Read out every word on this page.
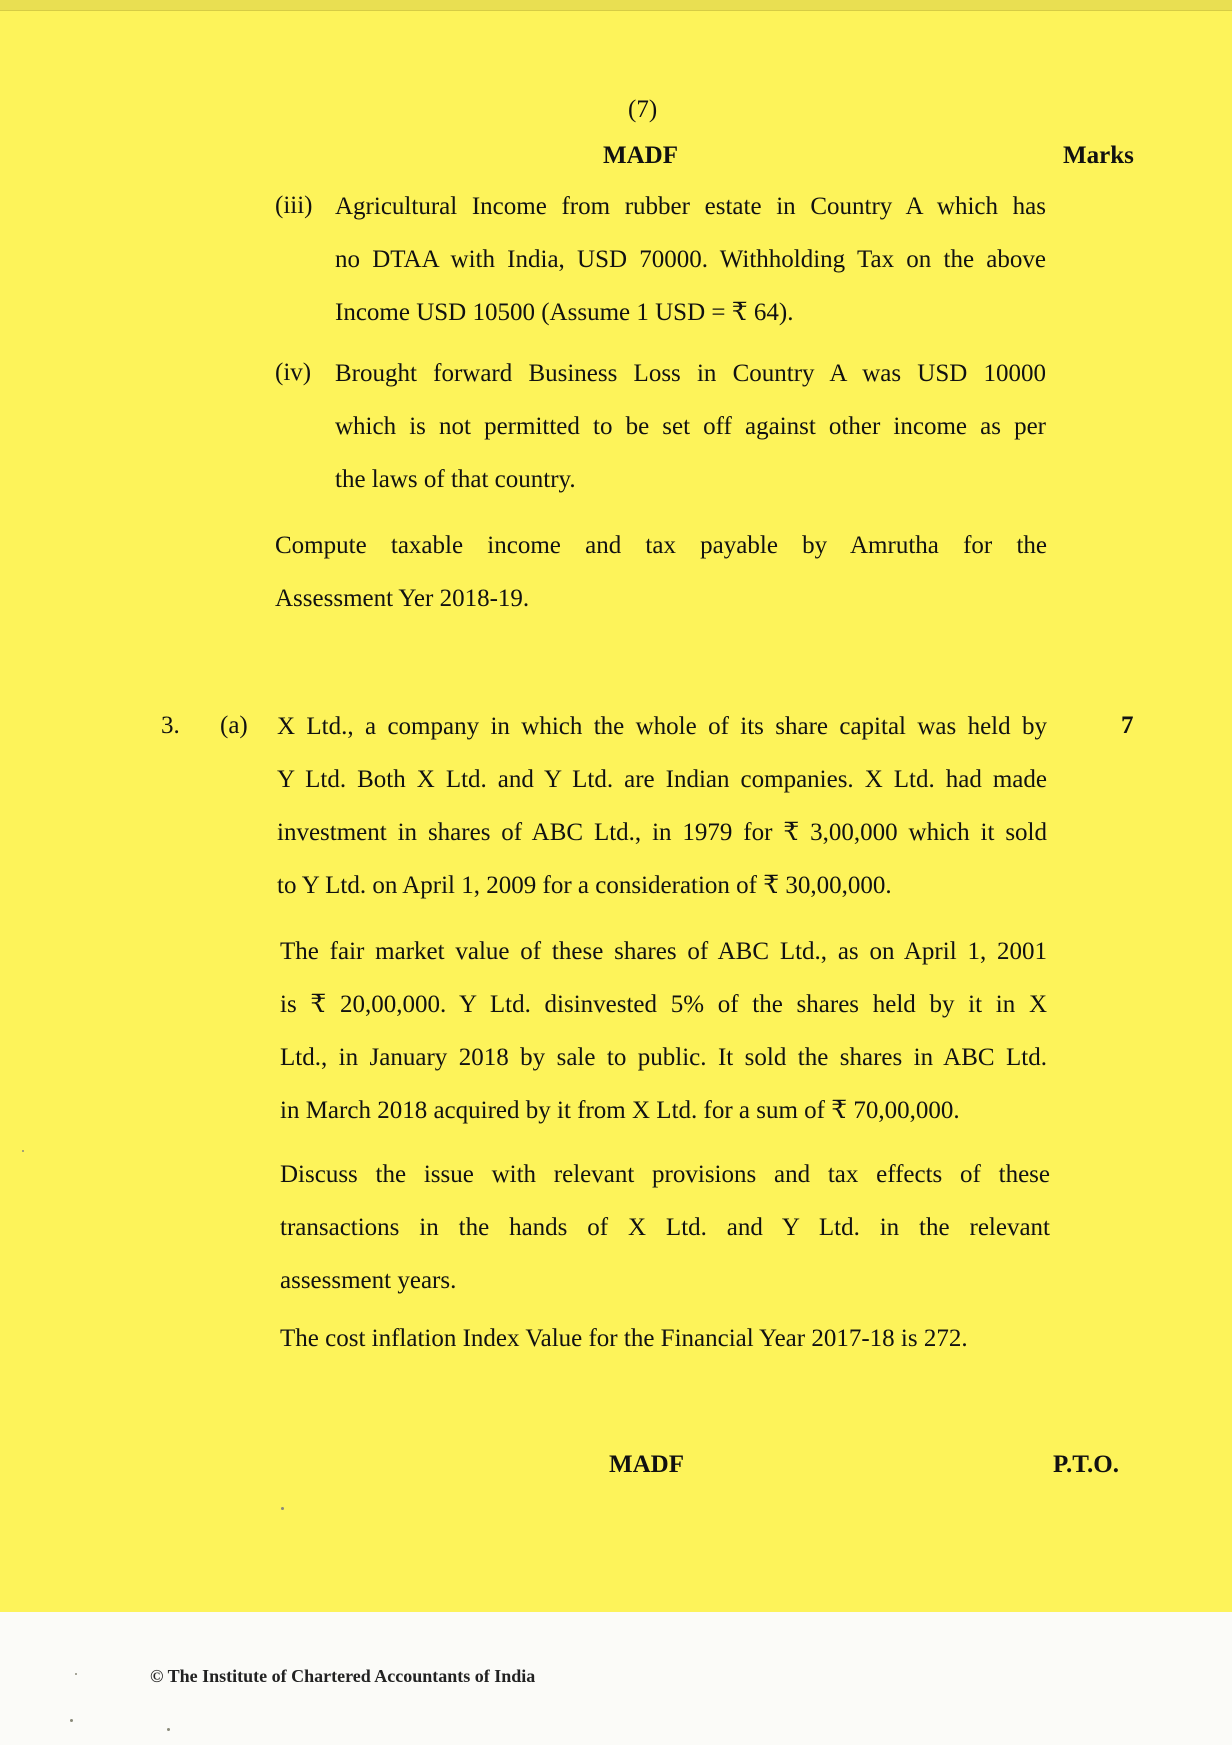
(7)
MADF	Marks
(iii) Agricultural Income from rubber estate in Country A which has
no DTAA with India, USD 70000. Withholding Tax on the above
Income USD 10500 (Assume 1 USD = ₹ 64).
(iv) Brought forward Business Loss in Country A was USD 10000
which is not permitted to be set off against other income as per
the laws of that country.
Compute taxable income and tax payable by Amrutha for the
Assessment Yer 2018-19.
3. (a)	7
X Ltd., a company in which the whole of its share capital was held by
Y Ltd. Both X Ltd. and Y Ltd. are Indian companies. X Ltd. had made
investment in shares of ABC Ltd., in 1979 for ₹ 3,00,000 which it sold
to Y Ltd. on April 1, 2009 for a consideration of ₹ 30,00,000.
The fair market value of these shares of ABC Ltd., as on April 1, 2001
is ₹ 20,00,000. Y Ltd. disinvested 5% of the shares held by it in X
Ltd., in January 2018 by sale to public. It sold the shares in ABC Ltd.
in March 2018 acquired by it from X Ltd. for a sum of ₹ 70,00,000.
Discuss the issue with relevant provisions and tax effects of these
transactions in the hands of X Ltd. and Y Ltd. in the relevant
assessment years.
The cost inflation Index Value for the Financial Year 2017-18 is 272.
MADF	P.T.O.
© The Institute of Chartered Accountants of India
